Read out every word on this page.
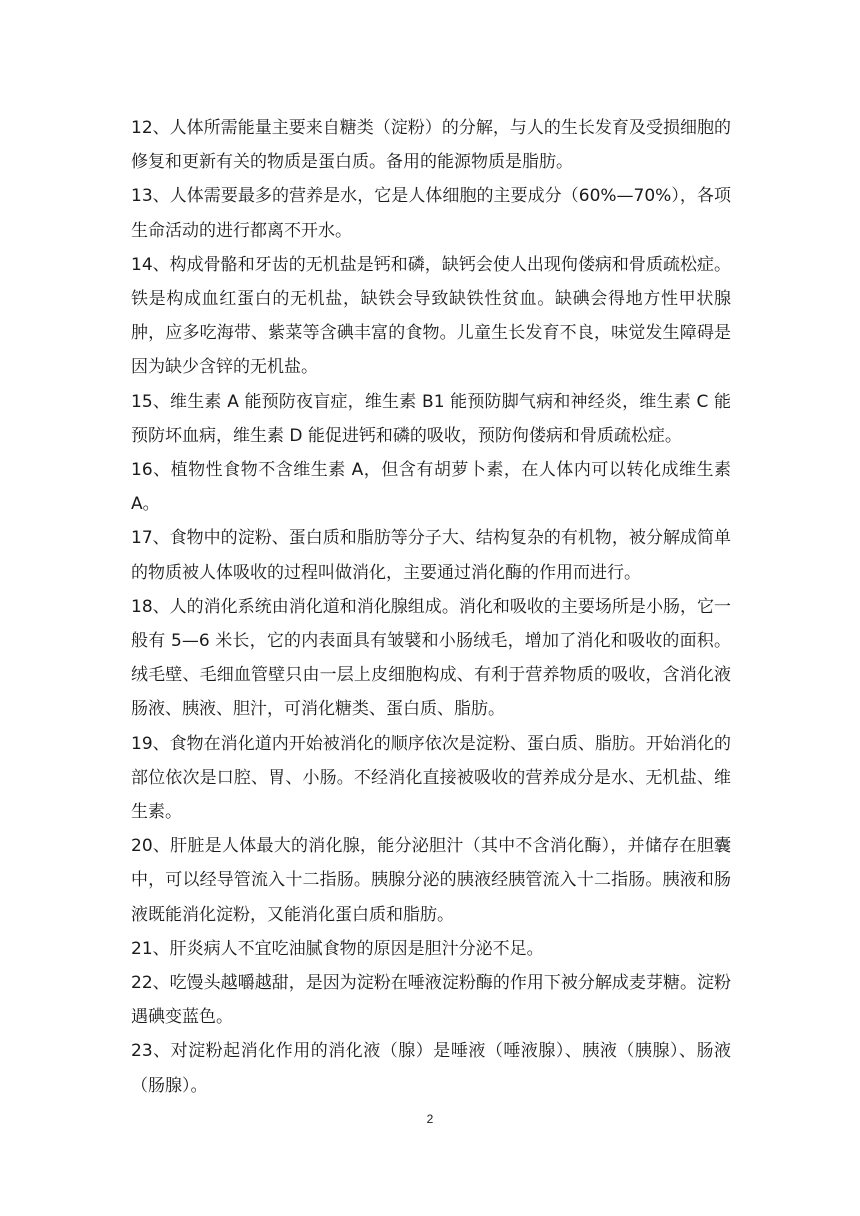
12、人体所需能量主要来自糖类（淀粉）的分解，与人的生长发育及受损细胞的修复和更新有关的物质是蛋白质。备用的能源物质是脂肪。

13、人体需要最多的营养是水，它是人体细胞的主要成分（60%—70%），各项生命活动的进行都离不开水。

14、构成骨骼和牙齿的无机盐是钙和磷，缺钙会使人出现佝偻病和骨质疏松症。铁是构成血红蛋白的无机盐，缺铁会导致缺铁性贫血。缺碘会得地方性甲状腺肿，应多吃海带、紫菜等含碘丰富的食物。儿童生长发育不良，味觉发生障碍是因为缺少含锌的无机盐。

15、维生素 A 能预防夜盲症，维生素 B1 能预防脚气病和神经炎，维生素 C 能预防坏血病，维生素 D 能促进钙和磷的吸收，预防佝偻病和骨质疏松症。

16、植物性食物不含维生素 A，但含有胡萝卜素，在人体内可以转化成维生素 A。

17、食物中的淀粉、蛋白质和脂肪等分子大、结构复杂的有机物，被分解成简单的物质被人体吸收的过程叫做消化，主要通过消化酶的作用而进行。

18、人的消化系统由消化道和消化腺组成。消化和吸收的主要场所是小肠，它一般有 5—6 米长，它的内表面具有皱襞和小肠绒毛，增加了消化和吸收的面积。绒毛壁、毛细血管壁只由一层上皮细胞构成、有利于营养物质的吸收，含消化液肠液、胰液、胆汁，可消化糖类、蛋白质、脂肪。

19、食物在消化道内开始被消化的顺序依次是淀粉、蛋白质、脂肪。开始消化的部位依次是口腔、胃、小肠。不经消化直接被吸收的营养成分是水、无机盐、维生素。

20、肝脏是人体最大的消化腺，能分泌胆汁（其中不含消化酶），并储存在胆囊中，可以经导管流入十二指肠。胰腺分泌的胰液经胰管流入十二指肠。胰液和肠液既能消化淀粉，又能消化蛋白质和脂肪。

21、肝炎病人不宜吃油腻食物的原因是胆汁分泌不足。

22、吃馒头越嚼越甜，是因为淀粉在唾液淀粉酶的作用下被分解成麦芽糖。淀粉遇碘变蓝色。

23、对淀粉起消化作用的消化液（腺）是唾液（唾液腺）、胰液（胰腺）、肠液（肠腺）。

2
